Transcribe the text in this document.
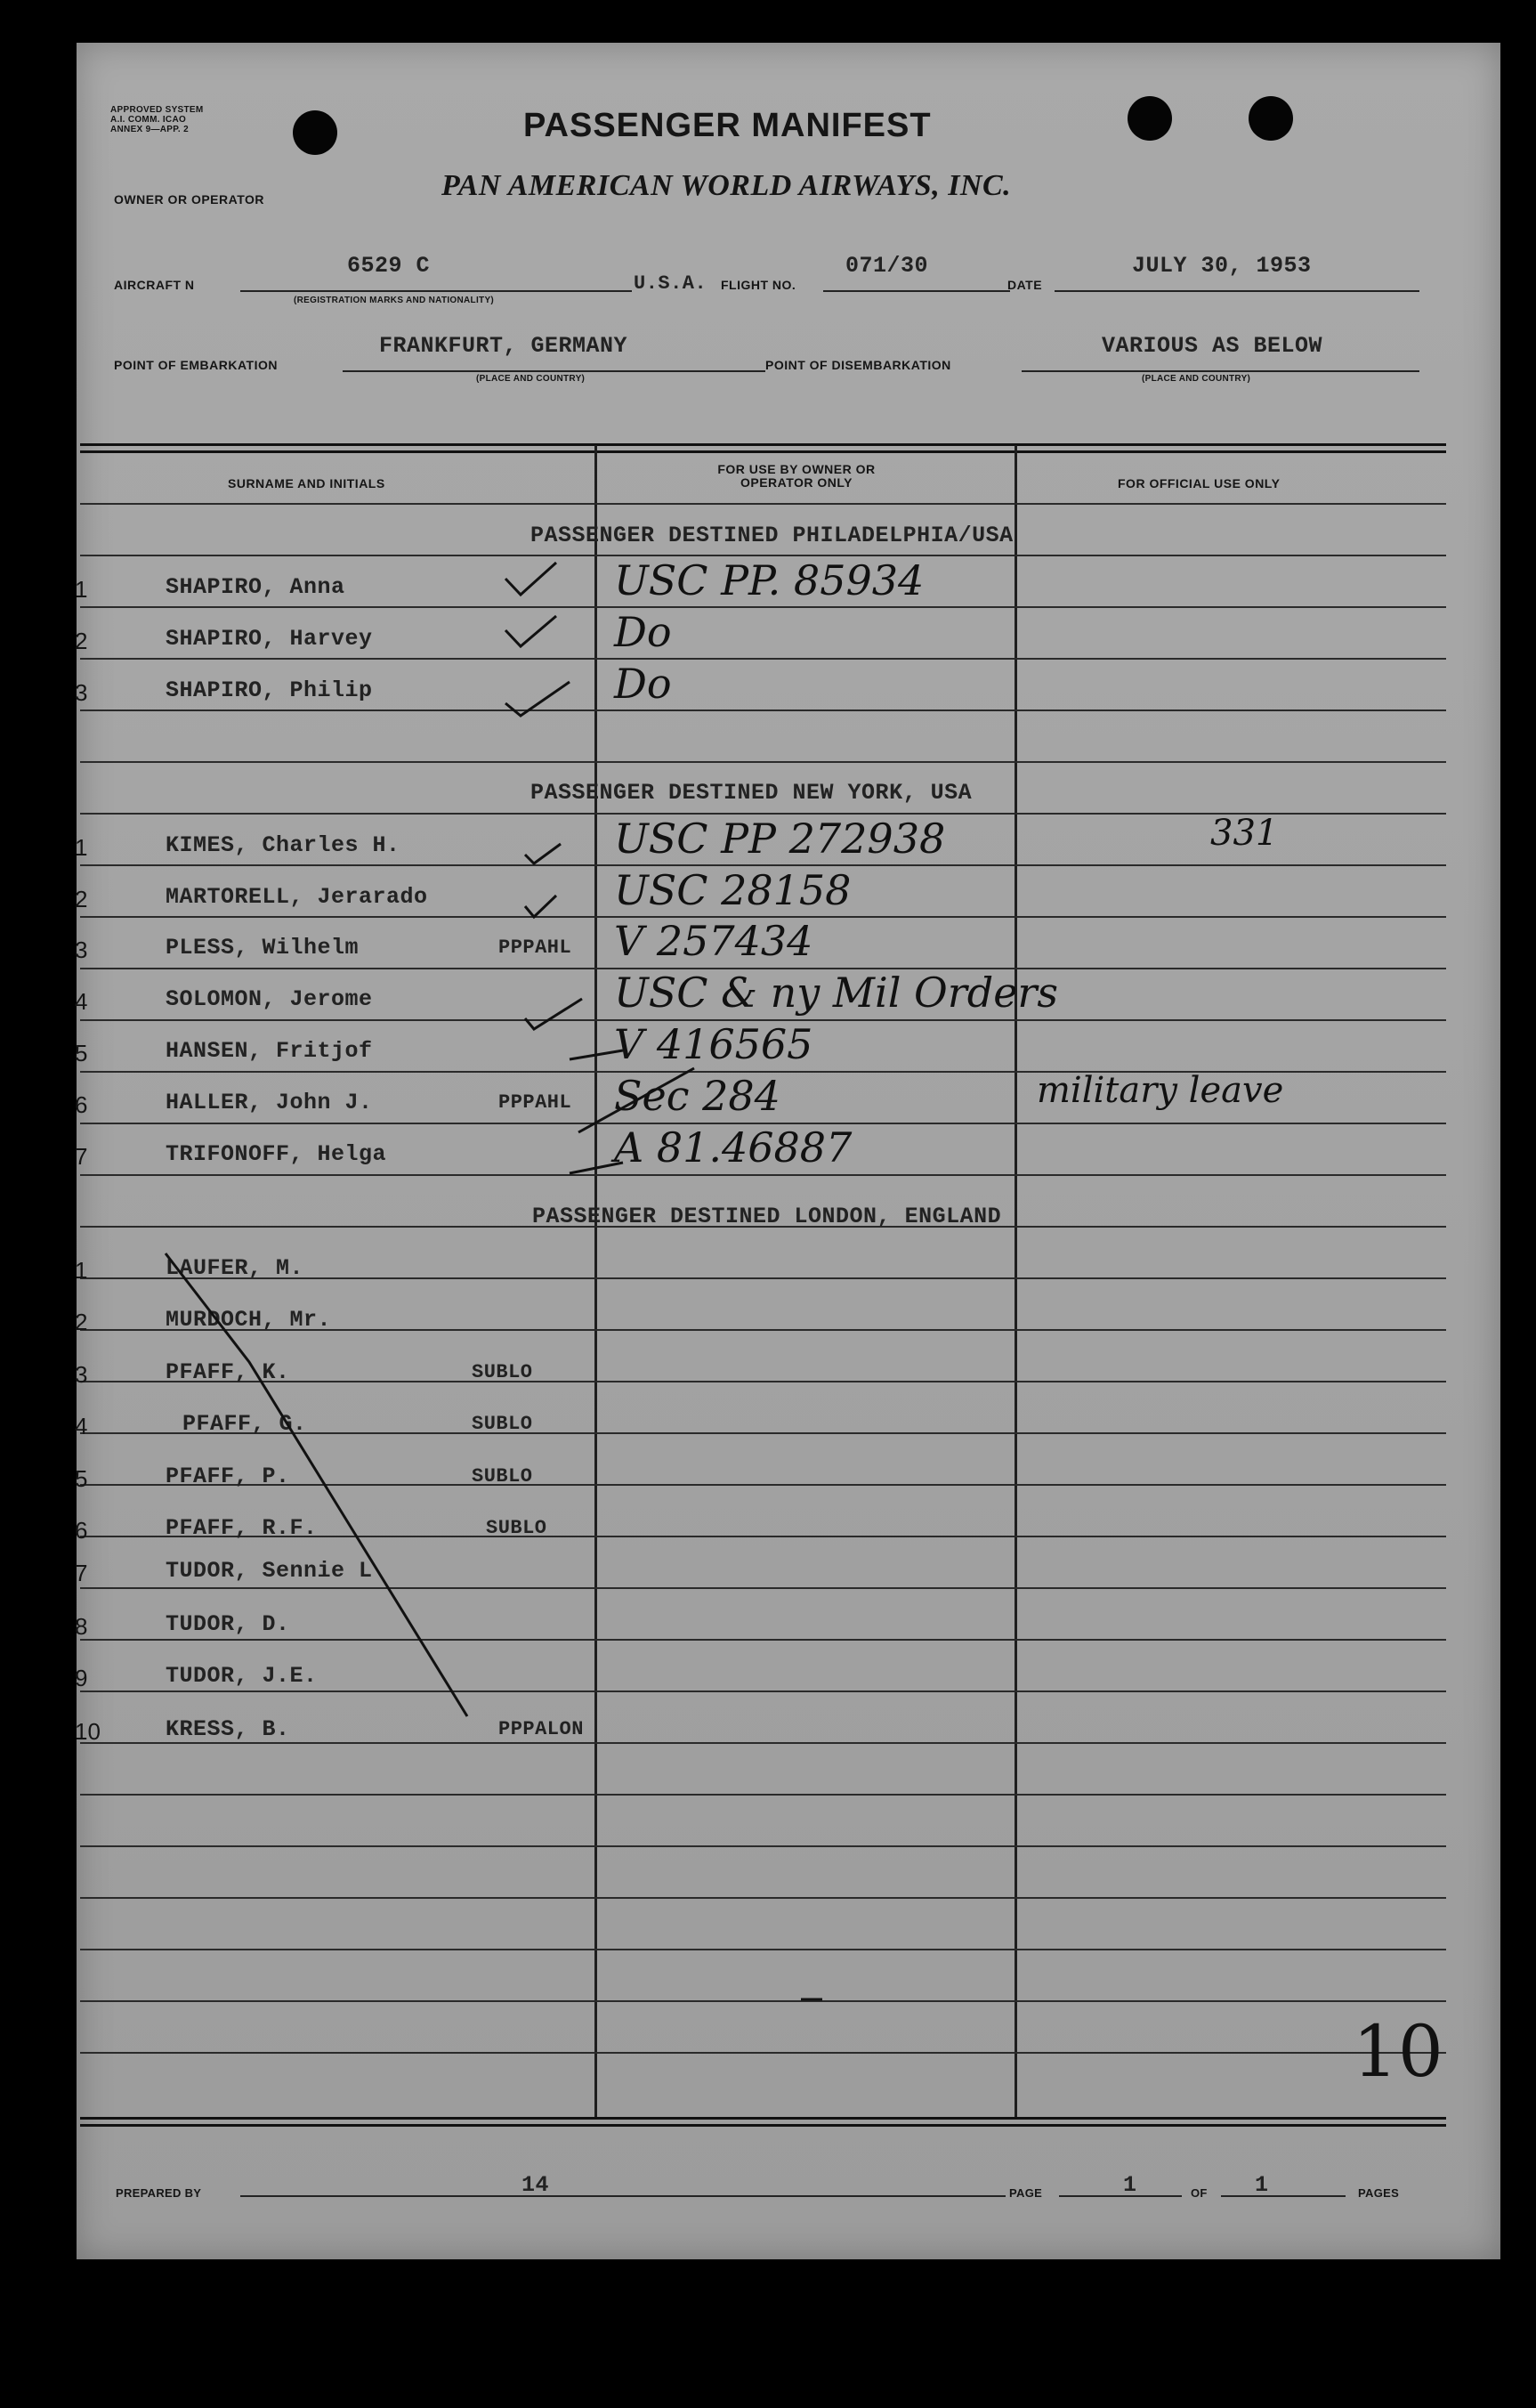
APPROVED SYSTEM A.I. COMM. ICAO ANNEX 9—APP. 2
OWNER OR OPERATOR
PASSENGER MANIFEST
PAN AMERICAN WORLD AIRWAYS, INC.
AIRCRAFT N
6529 C
(REGISTRATION MARKS AND NATIONALITY)
U.S.A. FLIGHT NO.
071/30
DATE
JULY 30, 1953
POINT OF EMBARKATION
FRANKFURT, GERMANY
(PLACE AND COUNTRY)
POINT OF DISEMBARKATION
VARIOUS AS BELOW
(PLACE AND COUNTRY)
SURNAME AND INITIALS
FOR USE BY OWNER OR OPERATOR ONLY	FOR OFFICIAL USE ONLY
PASSENGER DESTINED PHILADELPHIA/USA
1	SHAPIRO, Anna	USC PP. 85934
2	SHAPIRO, Harvey	Do
3	SHAPIRO, Philip	Do
PASSENGER DESTINED NEW YORK, USA
1	KIMES, Charles H.	USC PP 272938	331
2	MARTORELL, Jerarado	USC 28158
3	PLESS, Wilhelm	PPPAHL V 257434
4	SOLOMON, Jerome	USC & ny Mil Orders
5	HANSEN, Fritjof	V 416565
6	HALLER, John J.	PPPAHL Sec 284	military leave
7	TRIFONOFF, Helga	A 81.46887
PASSENGER DESTINED LONDON, ENGLAND
1	LAUFER, M.
2	MURDOCH, Mr.
3	PFAFF, K.	SUBLO
4	PFAFF, G.	SUBLO
5	PFAFF, P.	SUBLO
6	PFAFF, R.F.	SUBLO
7	TUDOR, Sennie L
8	TUDOR, D.
9	TUDOR, J.E.
10	KRESS, B.	PPPALON
10
PREPARED BY	14	PAGE	1	OF 1	PAGES
